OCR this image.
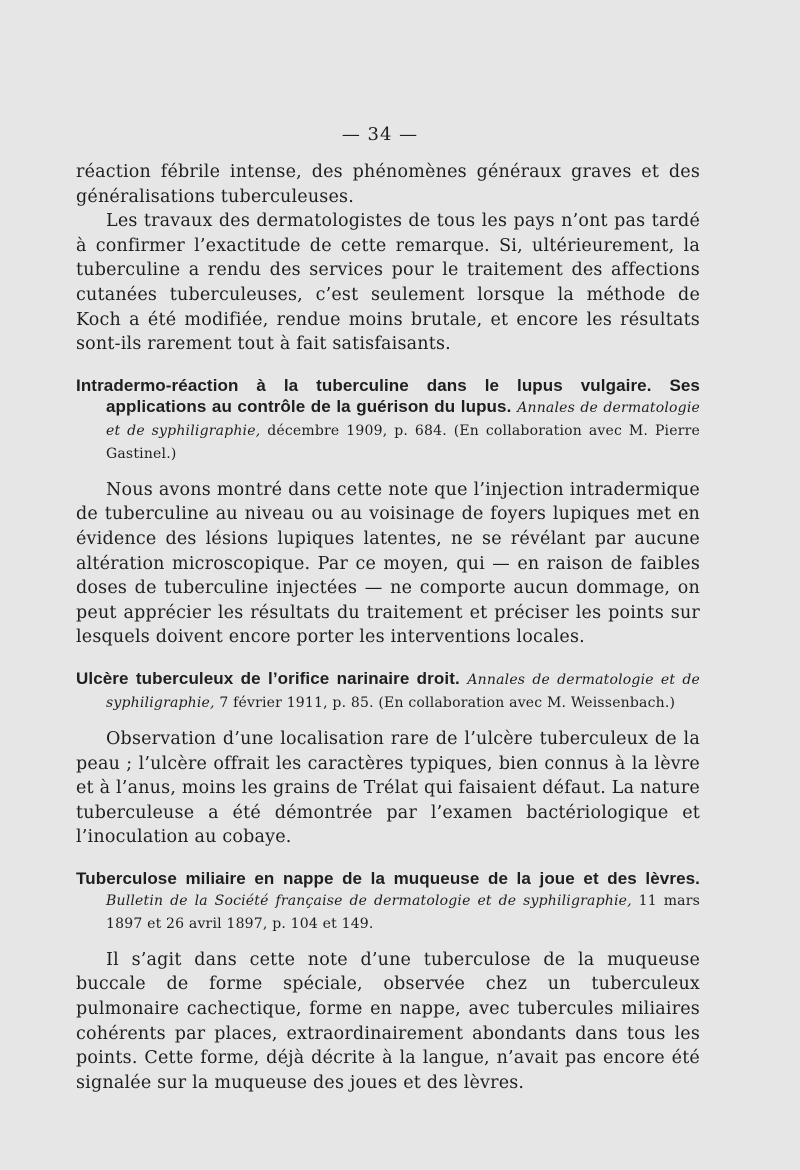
— 34 —

réaction fébrile intense, des phénomènes généraux graves et des généralisations tuberculeuses.

Les travaux des dermatologistes de tous les pays n’ont pas tardé à confirmer l’exactitude de cette remarque. Si, ultérieurement, la tuberculine a rendu des services pour le traitement des affections cutanées tuberculeuses, c’est seulement lorsque la méthode de Koch a été modifiée, rendue moins brutale, et encore les résultats sont-ils rarement tout à fait satisfaisants.

Intradermo-réaction à la tuberculine dans le lupus vulgaire. Ses applications au contrôle de la guérison du lupus. Annales de dermatologie et de syphiligraphie, décembre 1909, p. 684. (En collaboration avec M. Pierre Gastinel.)

Nous avons montré dans cette note que l’injection intradermique de tuberculine au niveau ou au voisinage de foyers lupiques met en évidence des lésions lupiques latentes, ne se révélant par aucune altération microscopique. Par ce moyen, qui — en raison de faibles doses de tuberculine injectées — ne comporte aucun dommage, on peut apprécier les résultats du traitement et préciser les points sur lesquels doivent encore porter les interventions locales.

Ulcère tuberculeux de l’orifice narinaire droit. Annales de dermatologie et de syphiligraphie, 7 février 1911, p. 85. (En collaboration avec M. Weissenbach.)

Observation d’une localisation rare de l’ulcère tuberculeux de la peau ; l’ulcère offrait les caractères typiques, bien connus à la lèvre et à l’anus, moins les grains de Trélat qui faisaient défaut. La nature tuberculeuse a été démontrée par l’examen bactériologique et l’inoculation au cobaye.

Tuberculose miliaire en nappe de la muqueuse de la joue et des lèvres. Bulletin de la Société française de dermatologie et de syphiligraphie, 11 mars 1897 et 26 avril 1897, p. 104 et 149.

Il s’agit dans cette note d’une tuberculose de la muqueuse buccale de forme spéciale, observée chez un tuberculeux pulmonaire cachectique, forme en nappe, avec tubercules miliaires cohérents par places, extraordinairement abondants dans tous les points. Cette forme, déjà décrite à la langue, n’avait pas encore été signalée sur la muqueuse des joues et des lèvres.
